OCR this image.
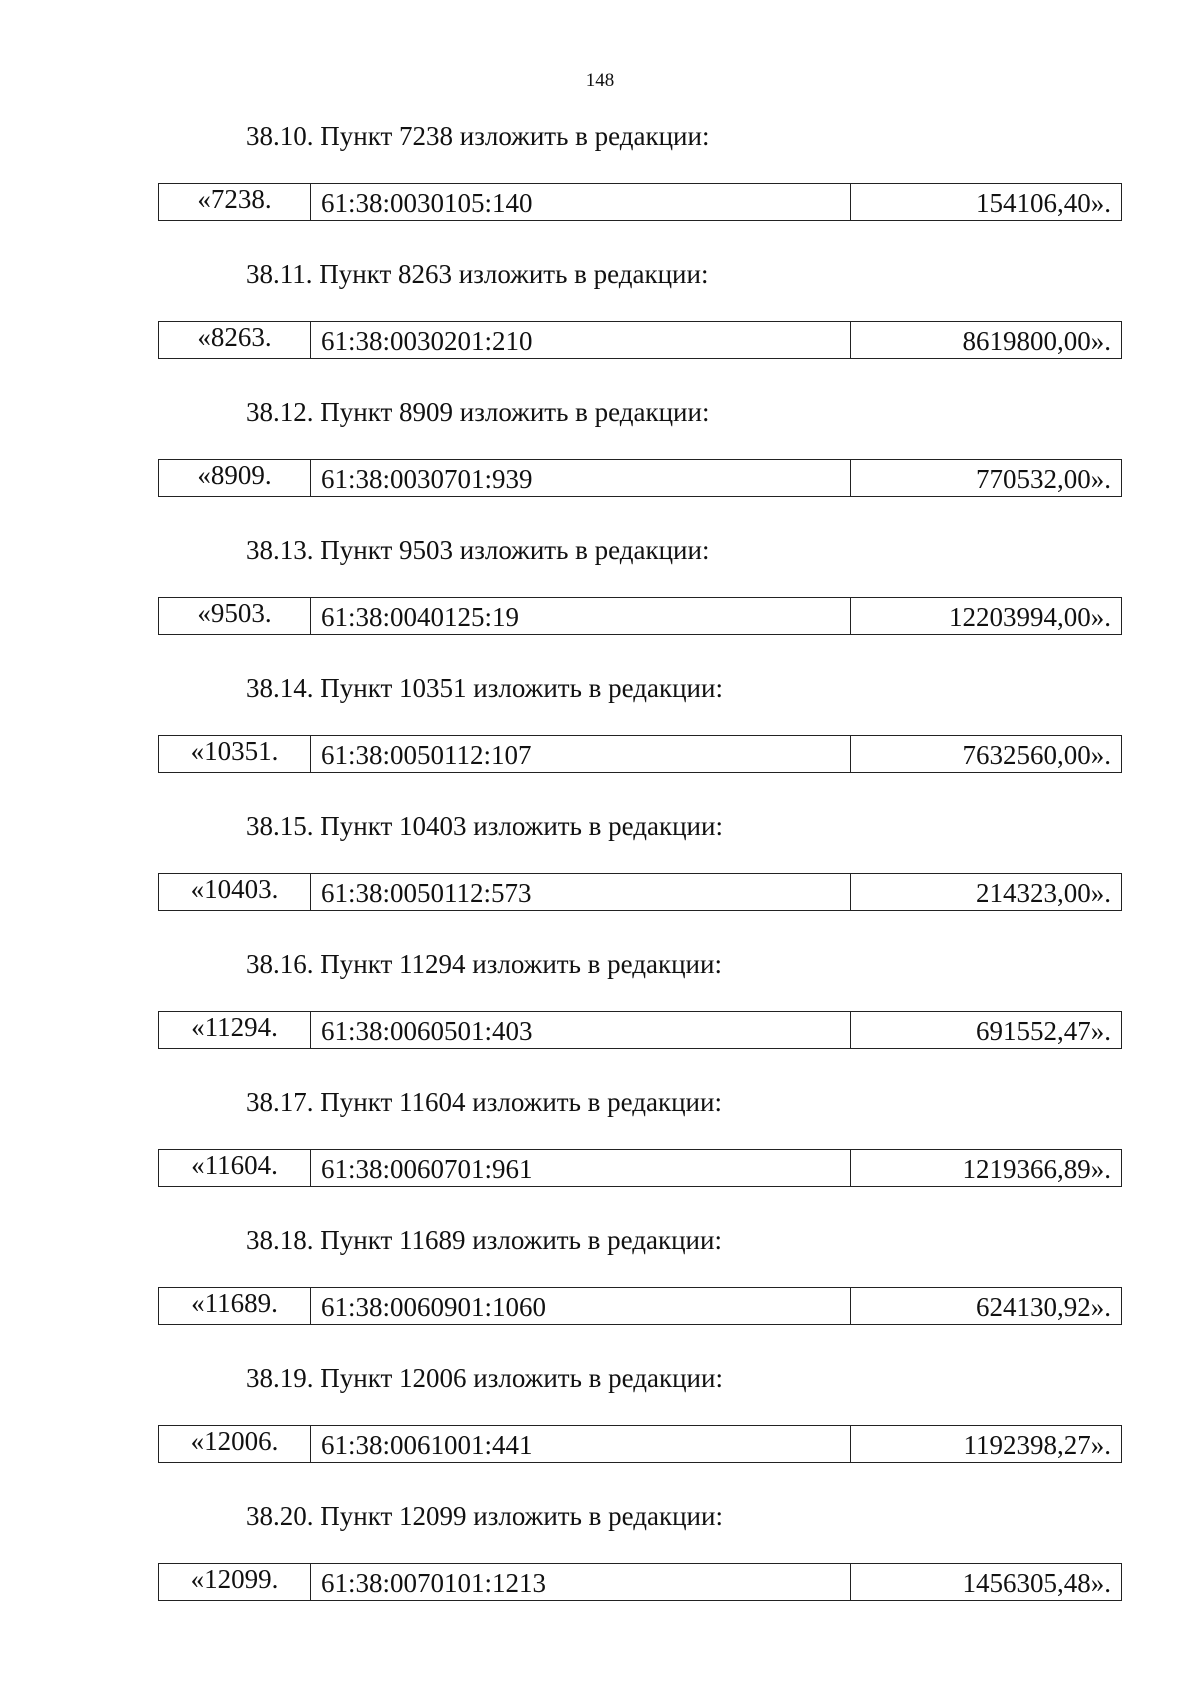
148
38.10. Пункт 7238 изложить в редакции:
«7238.	61:38:0030105:140	154106,40».
38.11. Пункт 8263 изложить в редакции:
«8263.	61:38:0030201:210	8619800,00».
38.12. Пункт 8909 изложить в редакции:
«8909.	61:38:0030701:939	770532,00».
38.13. Пункт 9503 изложить в редакции:
«9503.	61:38:0040125:19	12203994,00».
38.14. Пункт 10351 изложить в редакции:
«10351.	61:38:0050112:107	7632560,00».
38.15. Пункт 10403 изложить в редакции:
«10403.	61:38:0050112:573	214323,00».
38.16. Пункт 11294 изложить в редакции:
«11294.	61:38:0060501:403	691552,47».
38.17. Пункт 11604 изложить в редакции:
«11604.	61:38:0060701:961	1219366,89».
38.18. Пункт 11689 изложить в редакции:
«11689.	61:38:0060901:1060	624130,92».
38.19. Пункт 12006 изложить в редакции:
«12006.	61:38:0061001:441	1192398,27».
38.20. Пункт 12099 изложить в редакции:
«12099.	61:38:0070101:1213	1456305,48».
